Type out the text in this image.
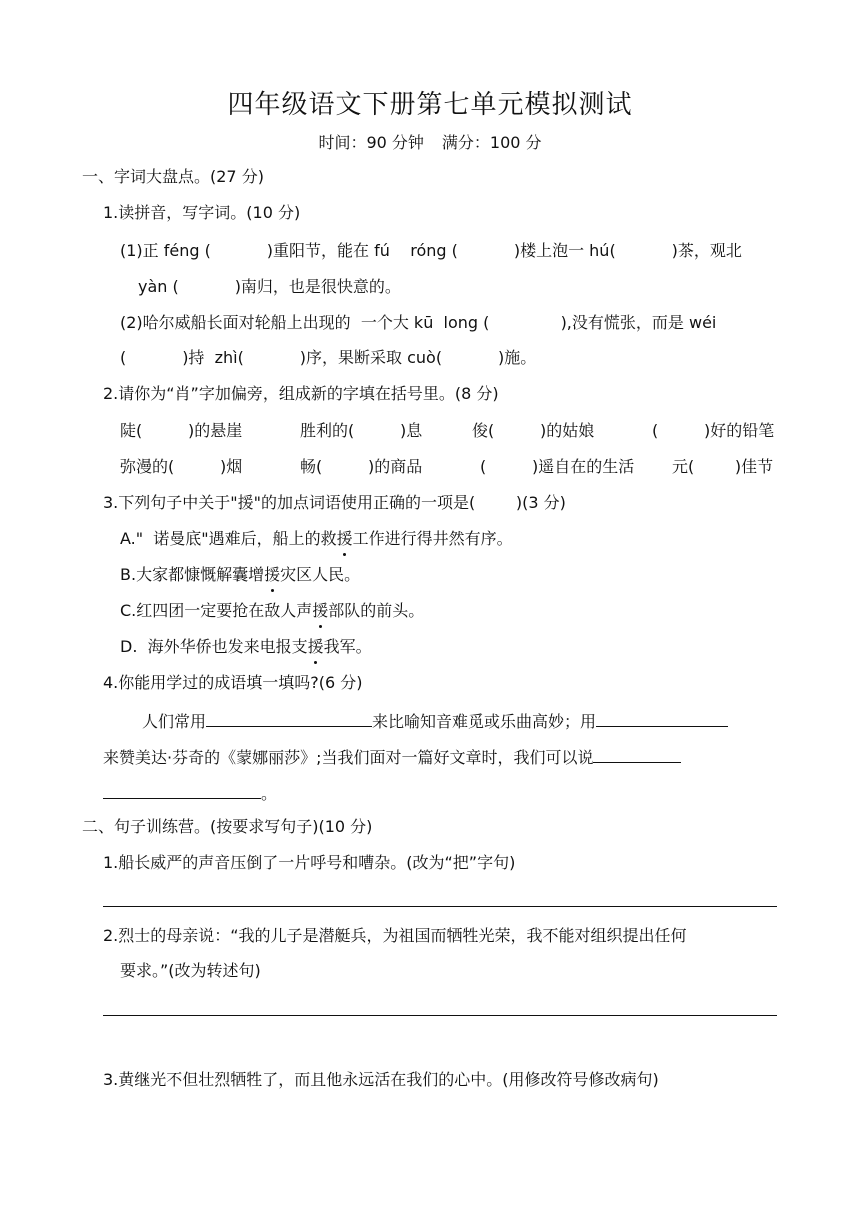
四年级语文下册第七单元模拟测试
时间：90 分钟 满分：100 分
一、字词大盘点。(27 分)
1.读拼音，写字词。(10 分)
(1)正 féng (           )重阳节，能在 fú    róng (           )楼上泡一 hú(           )茶，观北
yàn (           )南归，也是很快意的。
(2)哈尔威船长面对轮船上出现的  一个大 kū  long (              ),没有慌张，而是 wéi
(           )持  zhì(           )序，果断采取 cuò(           )施。
2.请你为“肖”字加偏旁，组成新的字填在括号里。(8 分)
陡(         )的悬崖	胜利的(         )息	俊(         )的姑娘	(         )好的铅笔
弥漫的(         )烟	畅(         )的商品	(         )遥自在的生活 元(        )佳节
3.下列句子中关于"援"的加点词语使用正确的一项是(        )(3 分)
A."  诺曼底"遇难后，船上的救援工作进行得井然有序。
B.大家都慷慨解囊增援灾区人民。
C.红四团一定要抢在敌人声援部队的前头。
D.  海外华侨也发来电报支援我军。
4.你能用学过的成语填一填吗?(6 分)
人们常用	来比喻知音难觅或乐曲高妙；用
来赞美达·芬奇的《蒙娜丽莎》;当我们面对一篇好文章时，我们可以说
。
二、句子训练营。(按要求写句子)(10 分)
1.船长威严的声音压倒了一片呼号和嘈杂。(改为“把”字句)
2.烈士的母亲说：“我的儿子是潜艇兵，为祖国而牺牲光荣，我不能对组织提出任何
要求。”(改为转述句)
3.黄继光不但壮烈牺牲了，而且他永远活在我们的心中。(用修改符号修改病句)
